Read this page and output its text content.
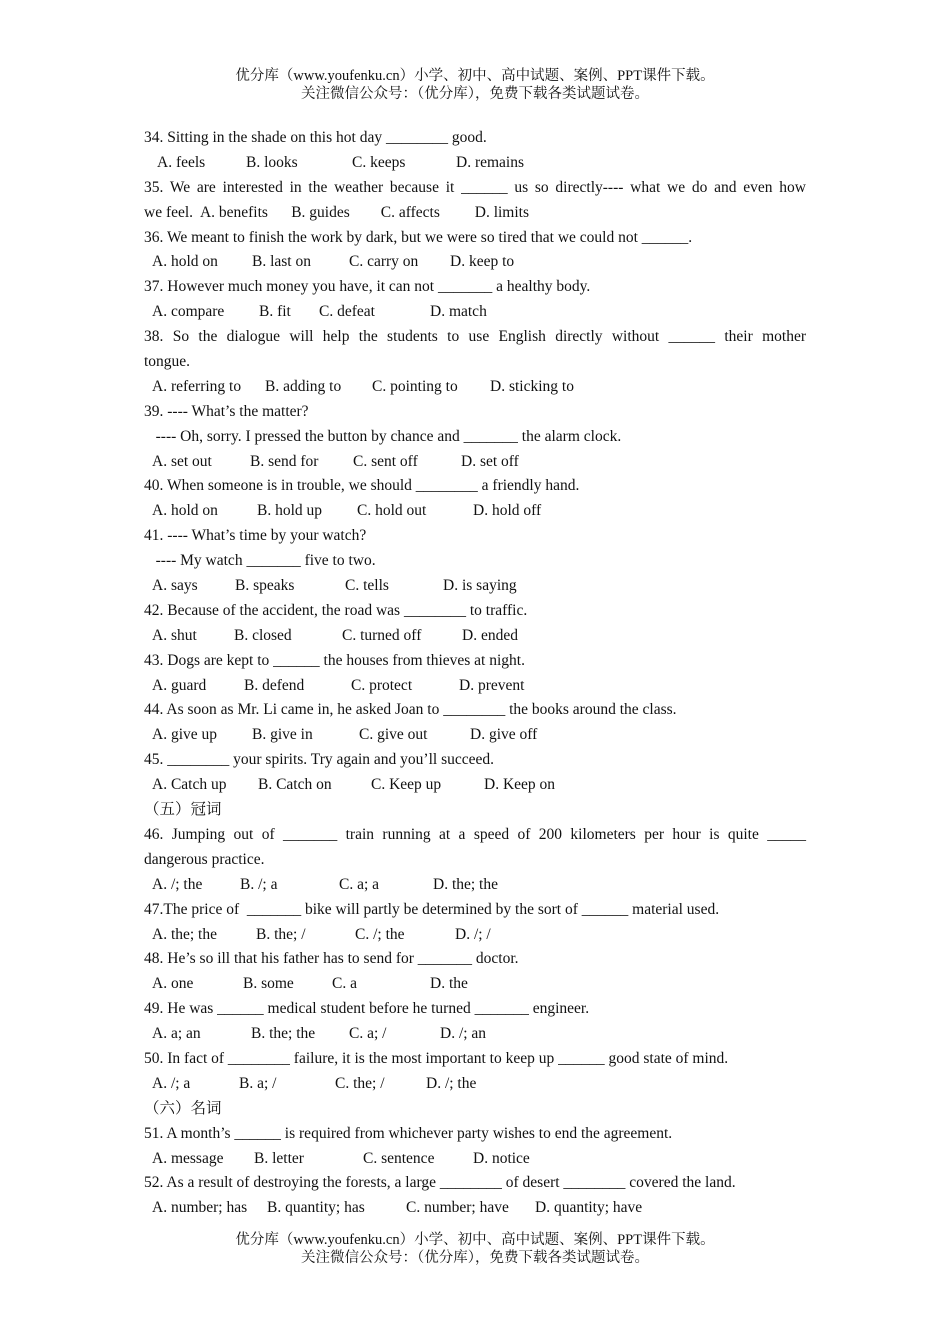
优分库（www.youfenku.cn）小学、初中、高中试题、案例、PPT课件下载。
关注微信公众号：（优分库），免费下载各类试题试卷。
34. Sitting in the shade on this hot day ________ good.
A. feels	B. looks	C. keeps	D. remains
35. We are interested in the weather because it ______ us so directly---- what we do and even how
we feel.  A. benefits      B. guides        C. affects         D. limits
36. We meant to finish the work by dark, but we were so tired that we could not ______.
A. hold on B. last on C. carry on D. keep to
37. However much money you have, it can not _______ a healthy body.
A. compare B. fit C. defeat	D. match
38. So the dialogue will help the students to use English directly without ______ their mother
tongue.
A. referring to B. adding to C. pointing to D. sticking to
39. ---- What’s the matter?
---- Oh, sorry. I pressed the button by chance and _______ the alarm clock.
A. set out B. send for C. sent off	D. set off
40. When someone is in trouble, we should ________ a friendly hand.
A. hold on	B. hold up C. hold out	D. hold off
41. ---- What’s time by your watch?
---- My watch _______ five to two.
A. says B. speaks	C. tells	D. is saying
42. Because of the accident, the road was ________ to traffic.
A. shut B. closed	C. turned off	D. ended
43. Dogs are kept to ______ the houses from thieves at night.
A. guard B. defend	C. protect	D. prevent
44. As soon as Mr. Li came in, he asked Joan to ________ the books around the class.
A. give up B. give in	C. give out	D. give off
45. ________ your spirits. Try again and you’ll succeed.
A. Catch up B. Catch on	C. Keep up	D. Keep on
（五）冠词
46. Jumping out of _______ train running at a speed of 200 kilometers per hour is quite _____
dangerous practice.
A. /; the B. /; a	C. a; a	D. the; the
47.The price of  _______ bike will partly be determined by the sort of ______ material used.
A. the; the	B. the; /	C. /; the	D. /; /
48. He’s so ill that his father has to send for _______ doctor.
A. one	B. some C. a	D. the
49. He was ______ medical student before he turned _______ engineer.
A. a; an	B. the; the C. a; /	D. /; an
50. In fact of ________ failure, it is the most important to keep up ______ good state of mind.
A. /; a	B. a; /	C. the; /	D. /; the
（六）名词
51. A month’s ______ is required from whichever party wishes to end the agreement.
A. message B. letter	C. sentence D. notice
52. As a result of destroying the forests, a large ________ of desert ________ covered the land.
A. number; has B. quantity; has	C. number; have D. quantity; have
优分库（www.youfenku.cn）小学、初中、高中试题、案例、PPT课件下载。
关注微信公众号：（优分库），免费下载各类试题试卷。
